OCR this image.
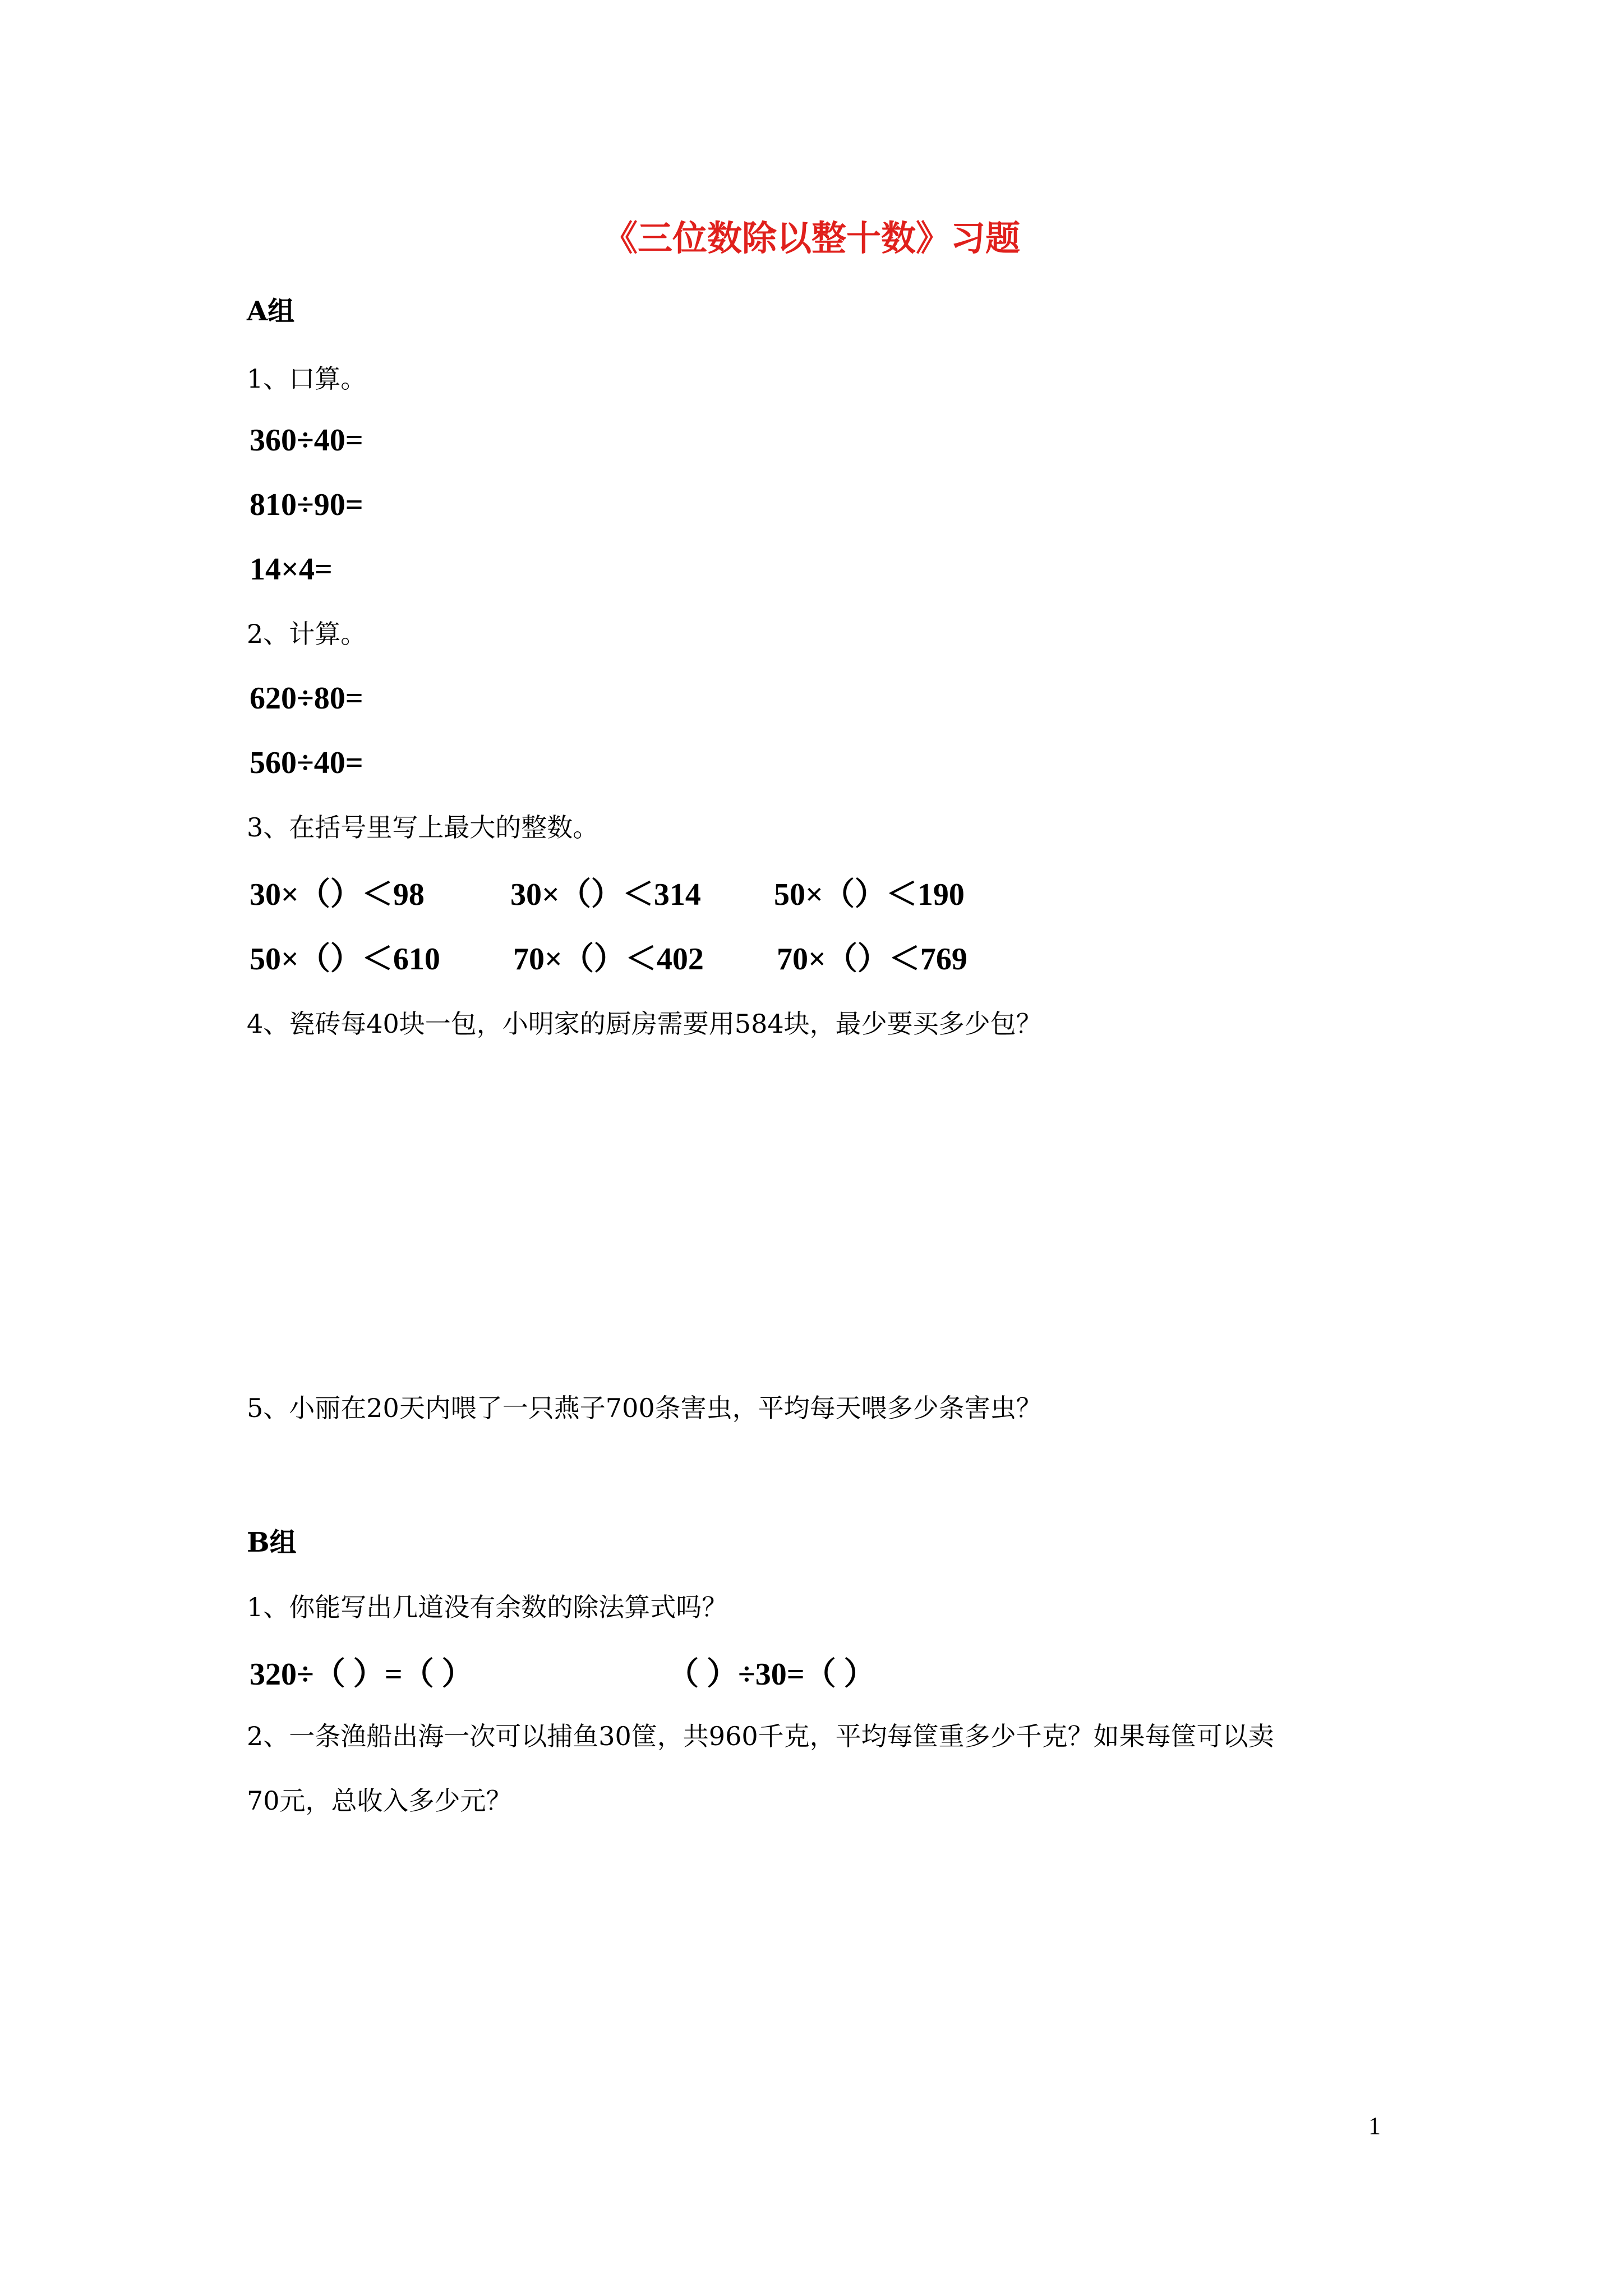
《三位数除以整十数》习题
A组
1、口算。
360÷40=
810÷90=
14×4=
2、计算。
620÷80=
560÷40=
3、在括号里写上最大的整数。
30×（）＜98	30×（）＜314 50×（）＜190
50×（）＜610 70×（）＜402 70×（）＜769
4、瓷砖每40块一包，小明家的厨房需要用584块，最少要买多少包？
5、小丽在20天内喂了一只燕子700条害虫，平均每天喂多少条害虫？
B组
1、你能写出几道没有余数的除法算式吗？
320÷（ ）=（ ）	（ ）÷30=（ ）
2、一条渔船出海一次可以捕鱼30筐，共960千克，平均每筐重多少千克？如果每筐可以卖
70元，总收入多少元？
1
